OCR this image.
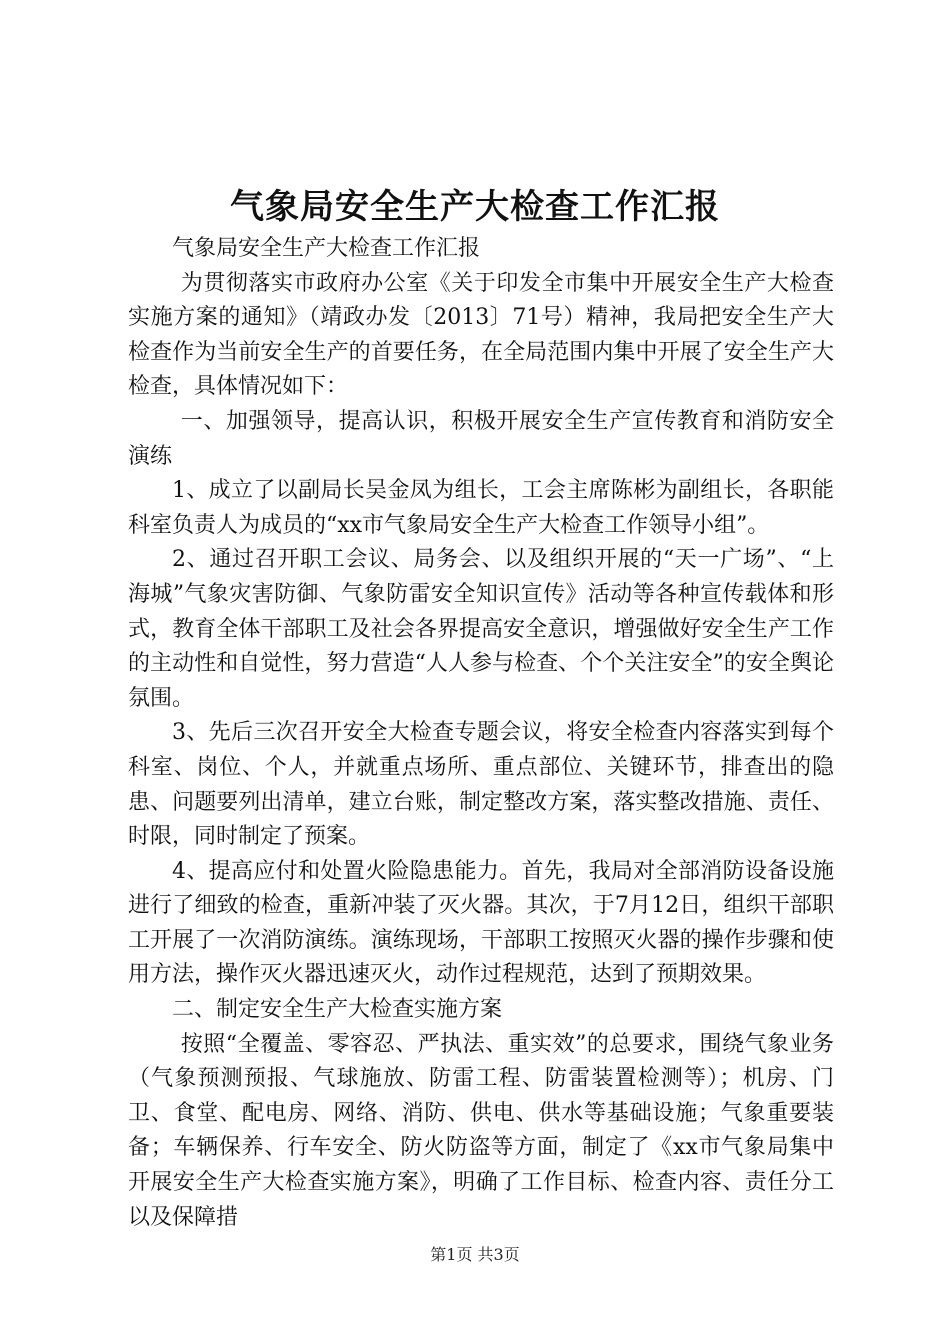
气象局安全生产大检查工作汇报

气象局安全生产大检查工作汇报

为贯彻落实市政府办公室《关于印发全市集中开展安全生产大检查实施方案的通知》（靖政办发〔2013〕71号）精神，我局把安全生产大检查作为当前安全生产的首要任务，在全局范围内集中开展了安全生产大检查，具体情况如下：

一、加强领导，提高认识，积极开展安全生产宣传教育和消防安全演练

1、成立了以副局长吴金凤为组长，工会主席陈彬为副组长，各职能科室负责人为成员的“xx市气象局安全生产大检查工作领导小组”。

2、通过召开职工会议、局务会、以及组织开展的“天一广场”、“上海城”气象灾害防御、气象防雷安全知识宣传》活动等各种宣传载体和形式，教育全体干部职工及社会各界提高安全意识，增强做好安全生产工作的主动性和自觉性，努力营造“人人参与检查、个个关注安全”的安全舆论氛围。

3、先后三次召开安全大检查专题会议，将安全检查内容落实到每个科室、岗位、个人，并就重点场所、重点部位、关键环节，排查出的隐患、问题要列出清单，建立台账，制定整改方案，落实整改措施、责任、时限，同时制定了预案。

4、提高应付和处置火险隐患能力。首先，我局对全部消防设备设施进行了细致的检查，重新冲装了灭火器。其次，于7月12日，组织干部职工开展了一次消防演练。演练现场，干部职工按照灭火器的操作步骤和使用方法，操作灭火器迅速灭火，动作过程规范，达到了预期效果。

二、制定安全生产大检查实施方案

按照“全覆盖、零容忍、严执法、重实效”的总要求，围绕气象业务（气象预测预报、气球施放、防雷工程、防雷装置检测等）；机房、门卫、食堂、配电房、网络、消防、供电、供水等基础设施；气象重要装备；车辆保养、行车安全、防火防盗等方面，制定了《xx市气象局集中开展安全生产大检查实施方案》，明确了工作目标、检查内容、责任分工以及保障措

第1页 共3页
